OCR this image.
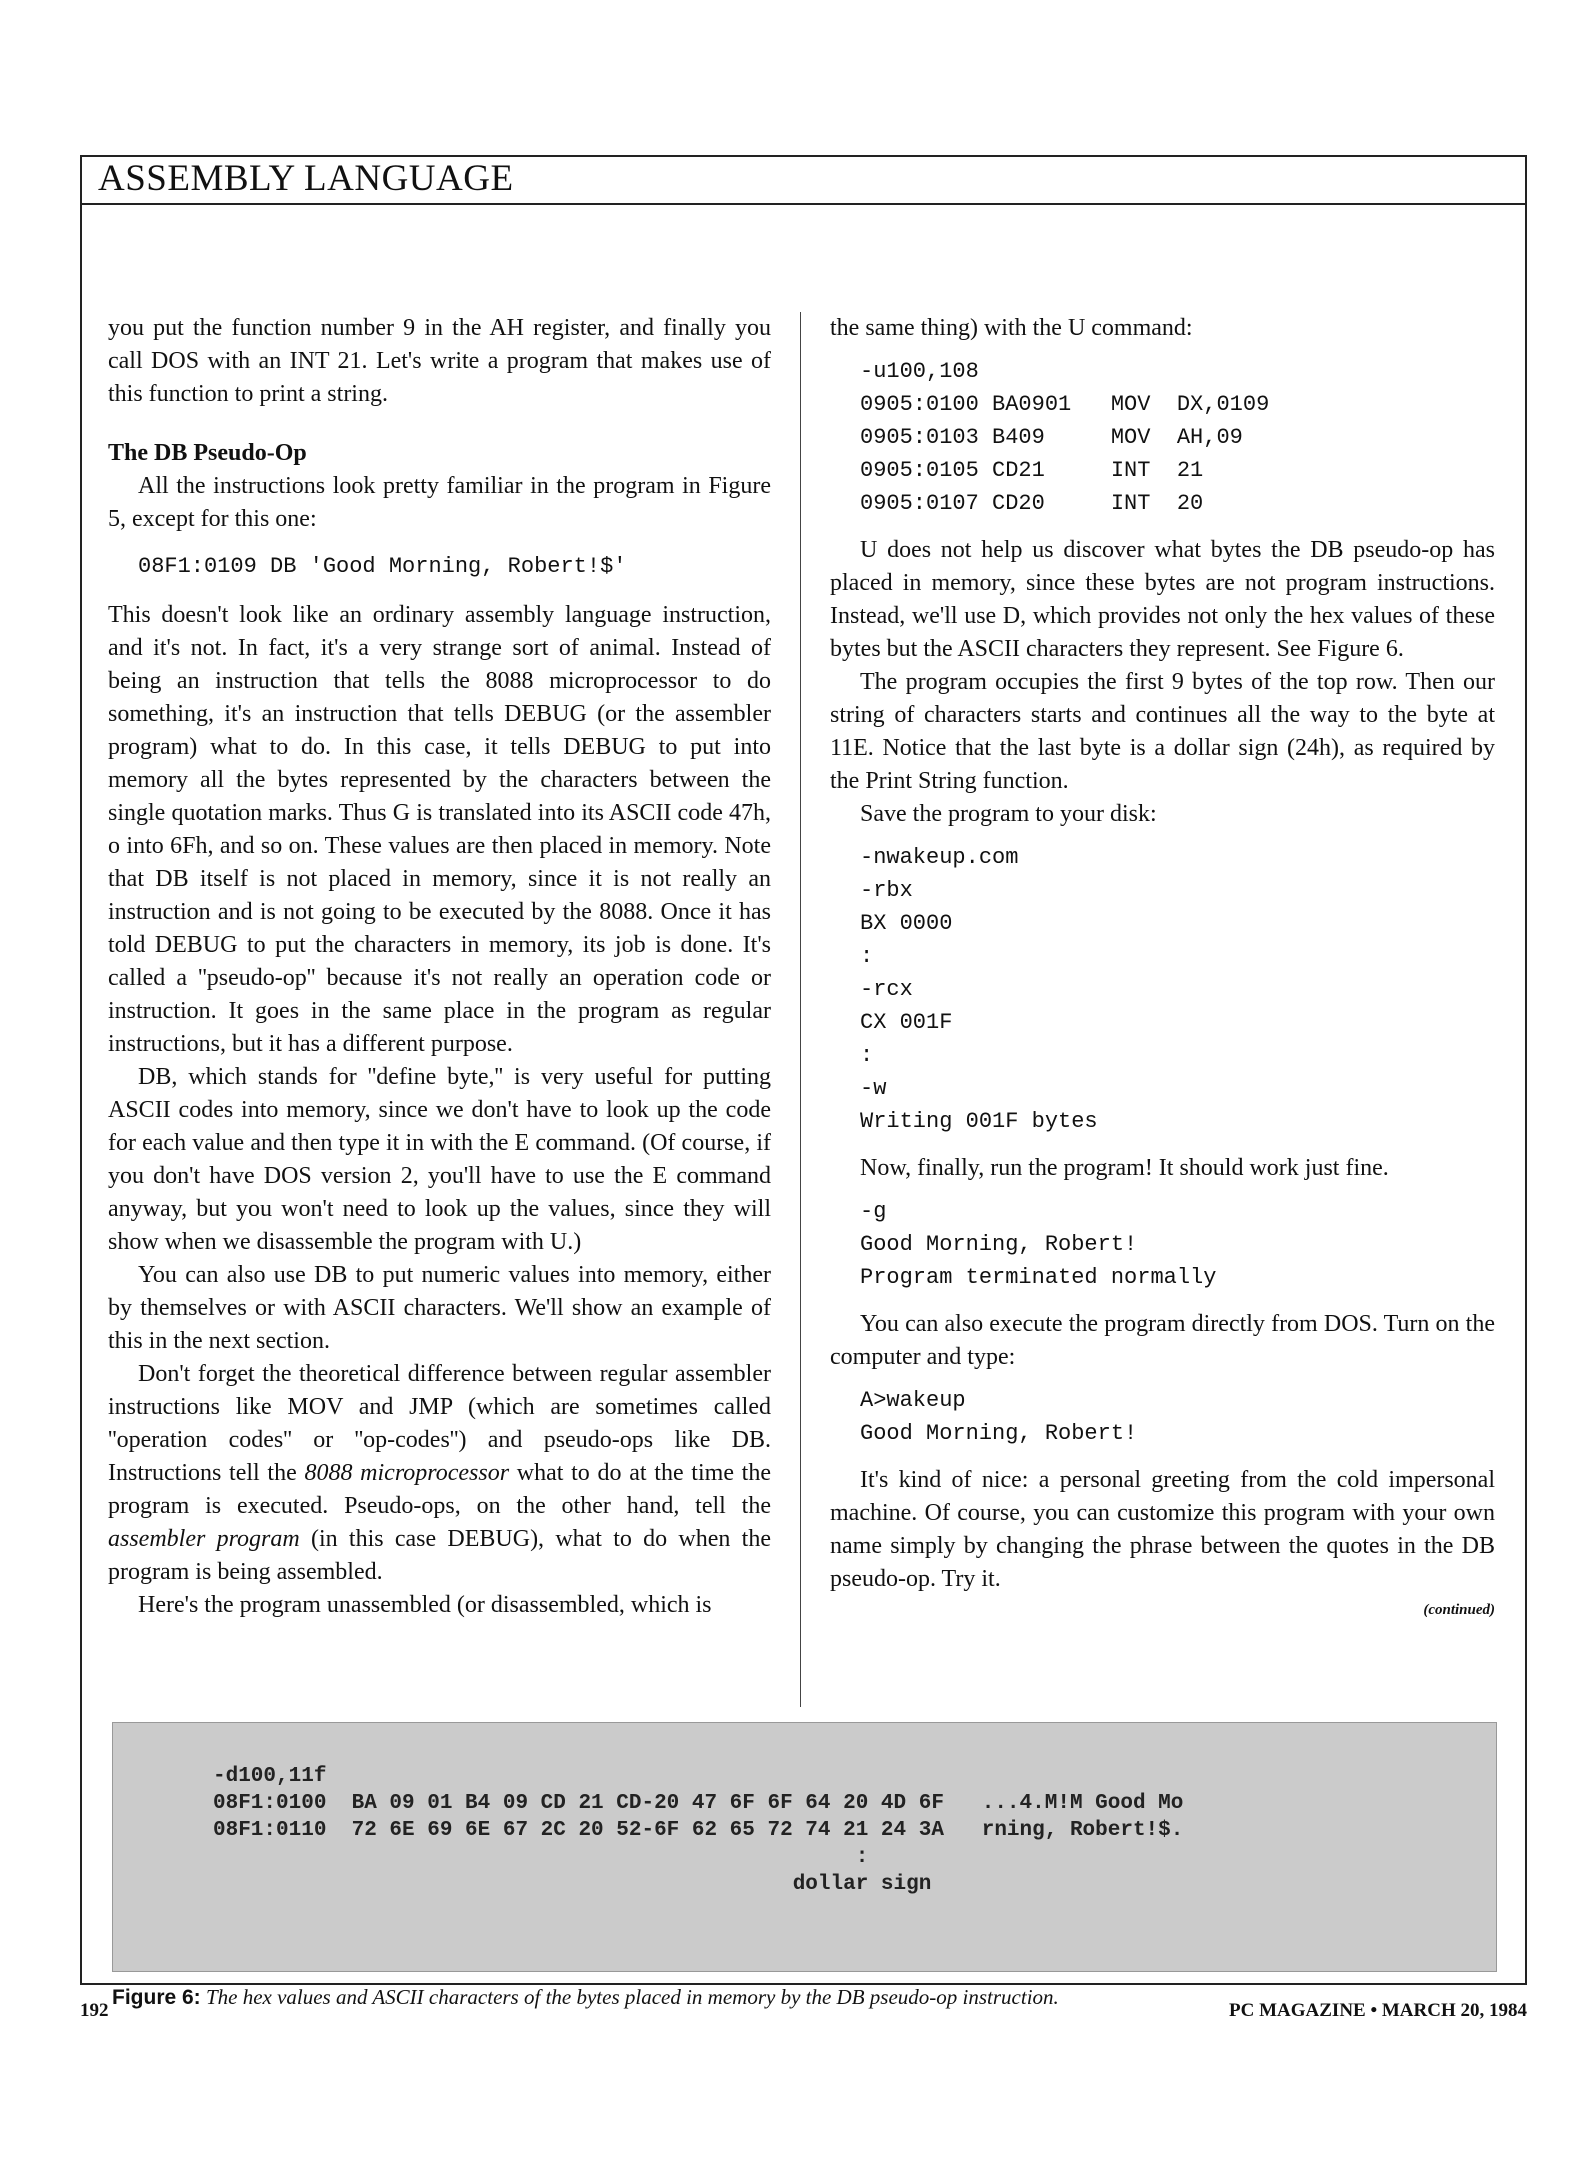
ASSEMBLY LANGUAGE

you put the function number 9 in the AH register, and finally you call DOS with an INT 21. Let's write a program that makes use of this function to print a string.

The DB Pseudo-Op

All the instructions look pretty familiar in the program in Figure 5, except for this one:

08F1:0109 DB 'Good Morning, Robert!$'

This doesn't look like an ordinary assembly language instruction, and it's not. In fact, it's a very strange sort of animal. Instead of being an instruction that tells the 8088 microprocessor to do something, it's an instruction that tells DEBUG (or the assembler program) what to do. In this case, it tells DEBUG to put into memory all the bytes represented by the characters between the single quotation marks. Thus G is translated into its ASCII code 47h, o into 6Fh, and so on. These values are then placed in memory. Note that DB itself is not placed in memory, since it is not really an instruction and is not going to be executed by the 8088. Once it has told DEBUG to put the characters in memory, its job is done. It's called a ''pseudo-op'' because it's not really an operation code or instruction. It goes in the same place in the program as regular instructions, but it has a different purpose.

DB, which stands for ''define byte,'' is very useful for putting ASCII codes into memory, since we don't have to look up the code for each value and then type it in with the E command. (Of course, if you don't have DOS version 2, you'll have to use the E command anyway, but you won't need to look up the values, since they will show when we disassemble the program with U.)

You can also use DB to put numeric values into memory, either by themselves or with ASCII characters. We'll show an example of this in the next section.

Don't forget the theoretical difference between regular assembler instructions like MOV and JMP (which are sometimes called ''operation codes'' or ''op-codes'') and pseudo-ops like DB. Instructions tell the 8088 microprocessor what to do at the time the program is executed. Pseudo-ops, on the other hand, tell the assembler program (in this case DEBUG), what to do when the program is being assembled.

Here's the program unassembled (or disassembled, which is

the same thing) with the U command:

-u100,108
0905:0100 BA0901   MOV  DX,0109
0905:0103 B409     MOV  AH,09
0905:0105 CD21     INT  21
0905:0107 CD20     INT  20

U does not help us discover what bytes the DB pseudo-op has placed in memory, since these bytes are not program instructions. Instead, we'll use D, which provides not only the hex values of these bytes but the ASCII characters they represent. See Figure 6.

The program occupies the first 9 bytes of the top row. Then our string of characters starts and continues all the way to the byte at 11E. Notice that the last byte is a dollar sign (24h), as required by the Print String function.

Save the program to your disk:

-nwakeup.com
-rbx
BX 0000
:
-rcx
CX 001F
:
-w
Writing 001F bytes

Now, finally, run the program! It should work just fine.

-g
Good Morning, Robert!
Program terminated normally

You can also execute the program directly from DOS. Turn on the computer and type:

A>wakeup
Good Morning, Robert!

It's kind of nice: a personal greeting from the cold impersonal machine. Of course, you can customize this program with your own name simply by changing the phrase between the quotes in the DB pseudo-op. Try it.

(continued)
-d100,11f
08F1:0100  BA 09 01 B4 09 CD 21 CD-20 47 6F 6F 64 20 4D 6F   ...4.M!M Good Mo
08F1:0110  72 6E 69 6E 67 2C 20 52-6F 62 65 72 74 21 24 3A   rning, Robert!$.
:
dollar sign
Figure 6: The hex values and ASCII characters of the bytes placed in memory by the DB pseudo-op instruction.
192	PC MAGAZINE • MARCH 20, 1984
